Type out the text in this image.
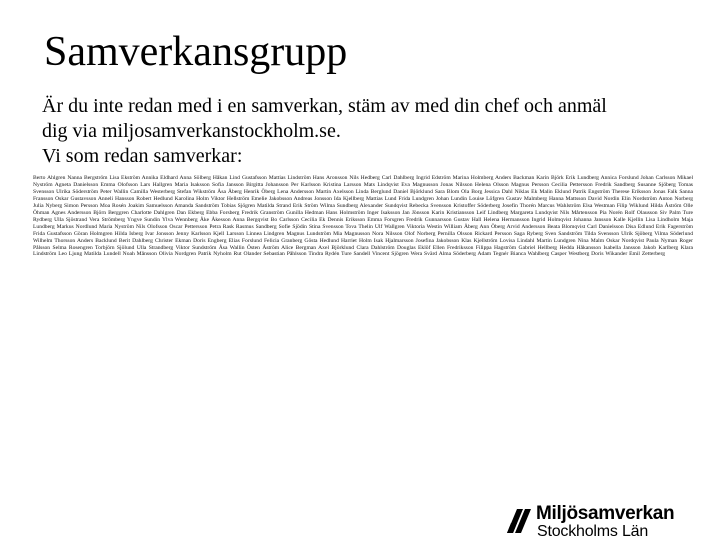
Samverkansgrupp
Är du inte redan med i en samverkan, stäm av med din chef och anmäl
dig via miljosamverkanstockholm.se.
Vi som redan samverkar:
Berto Ahlgren Nanna Bergström Lisa Ekström Annika Eldhard Anna Sölberg Håkan Lind Gustafsson Mattias Lindström Hans Aronsson Nils Hedberg Carl Dahlberg Ingrid Edström Marina Holmberg Anders Backman Karin Björk Erik Lundberg Annica Forslund Johan Carlsson Mikael Nyström Agneta Danielsson Emma Olofsson Lars Hallgren Maria Isaksson Sofia Jansson Birgitta Johansson Per Karlsson Kristina Larsson Mats Lindqvist Eva Magnusson Jonas Nilsson Helena Olsson Magnus Persson Cecilia Pettersson Fredrik Sandberg Susanne Sjöberg Tomas Svensson Ulrika Söderström Peter Wallin Camilla Westerberg Stefan Wikström Åsa Åberg Henrik Öberg Lena Andersson Martin Axelsson Linda Berglund Daniel Björklund Sara Blom Ola Borg Jessica Dahl Niklas Ek Malin Eklund Patrik Engström Therese Eriksson Jonas Falk Sanna Fransson Oskar Gustavsson Anneli Hansson Robert Hedlund Karolina Holm Viktor Hellström Emelie Jakobsson Andreas Jonsson Ida Kjellberg Mattias Lund Frida Lundgren Johan Lundin Louise Löfgren Gustav Malmberg Hanna Mattsson David Nordin Elin Nordström Anton Norberg Julia Nyberg Simon Persson Moa Rosén Joakim Samuelsson Amanda Sandström Tobias Sjögren Matilda Strand Erik Ström Wilma Sundberg Alexander Sundqvist Rebecka Svensson Kristoffer Söderberg Josefin Thorén Marcus Wahlström Elsa Westman Filip Wiklund Hilda Åström Olle Öhman Agnes Andersson Björn Berggren Charlotte Dahlgren Dan Ekberg Ebba Forsberg Fredrik Granström Gunilla Hedman Hans Holmström Inger Isaksson Jan Jönsson Karin Kristiansson Leif Lindberg Margareta Lundqvist Nils Mårtensson Pia Norén Rolf Olausson Siv Palm Ture Rydberg Ulla Sjöstrand Vera Strömberg Yngve Sundin Ylva Wennberg Åke Åkesson Anna Bergqvist Bo Carlsson Cecilia Ek Dennis Eriksson Emma Forsgren Fredrik Gunnarsson Gustav Hall Helena Hermansson Ingrid Holmqvist Johanna Jansson Kalle Kjellin Lisa Lindholm Maja Lundberg Markus Nordlund Maria Nyström Nils Olofsson Oscar Pettersson Petra Rask Rasmus Sandberg Sofie Sjödin Stina Svensson Tova Thelin Ulf Wallgren Viktoria Westin William Åberg Ann Öberg Arvid Andersson Beata Blomqvist Carl Danielsson Disa Edlund Erik Fagerström Frida Gustafsson Göran Holmgren Hilda Isberg Ivar Jonsson Jenny Karlsson Kjell Larsson Linnea Lindgren Magnus Lundström Mia Magnusson Nora Nilsson Olof Norberg Pernilla Olsson Rickard Persson Saga Ryberg Sven Sandström Tilda Svensson Ulrik Sjöberg Vilma Söderlund Wilhelm Thorsson Anders Backlund Berit Dahlberg Christer Ekman Doris Engberg Elias Forslund Felicia Granberg Gösta Hedlund Harriet Holm Isak Hjalmarsson Josefina Jakobsson Klas Kjellström Lovisa Lindahl Martin Lundgren Nina Malm Oskar Nordqvist Paula Nyman Roger Pålsson Selma Rosengren Torbjörn Sjölund Ulla Strandberg Viktor Sundström Åsa Wallin Östen Åström Alice Bergman Axel Björklund Clara Dahlström Douglas Eklöf Ellen Fredriksson Filippa Hagström Gabriel Hellberg Hedda Håkansson Isabella Jansson Jakob Karlberg Klara Lindström Leo Ljung Matilda Lundell Noah Månsson Olivia Nordgren Patrik Nyholm Rut Olander Sebastian Påhlsson Tindra Rydén Ture Sandell Vincent Sjögren Wera Svärd Alma Söderberg Adam Tegnér Bianca Wahlberg Casper Westberg Doris Wikander Emil Zetterberg
Miljösamverkan
Stockholms Län
